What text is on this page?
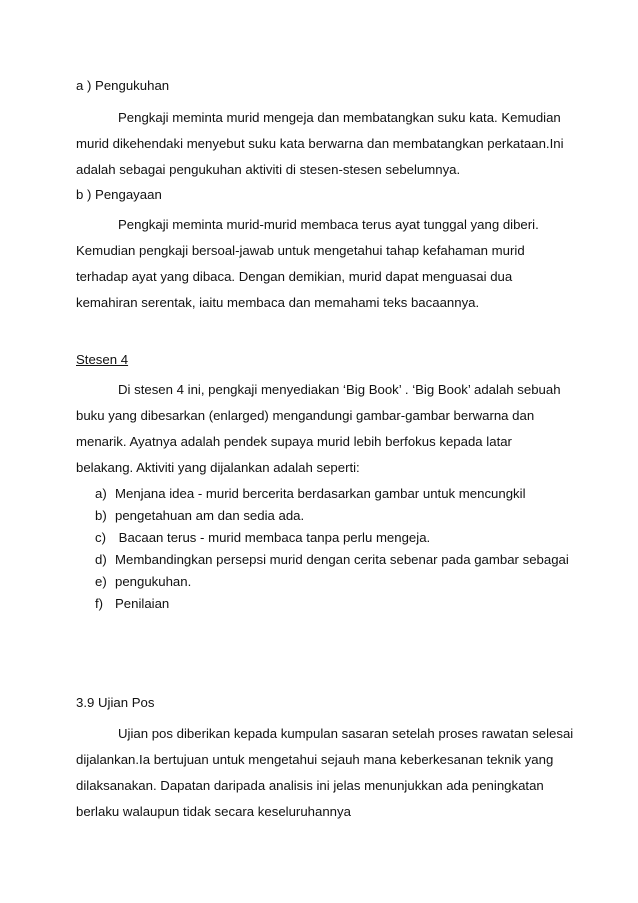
a ) Pengukuhan
Pengkaji meminta murid mengeja dan membatangkan suku kata. Kemudian
murid dikehendaki menyebut suku kata berwarna dan membatangkan perkataan.Ini
adalah sebagai pengukuhan aktiviti di stesen-stesen sebelumnya.
b ) Pengayaan
Pengkaji meminta murid-murid membaca terus ayat tunggal yang diberi.
Kemudian pengkaji bersoal-jawab untuk mengetahui tahap kefahaman murid
terhadap ayat yang dibaca. Dengan demikian, murid dapat menguasai dua
kemahiran serentak, iaitu membaca dan memahami teks bacaannya.
Stesen 4
Di stesen 4 ini, pengkaji menyediakan ‘Big Book’ . ‘Big Book’ adalah sebuah
buku yang dibesarkan (enlarged) mengandungi gambar-gambar berwarna dan
menarik. Ayatnya adalah pendek supaya murid lebih berfokus kepada latar
belakang. Aktiviti yang dijalankan adalah seperti:
a) Menjana idea - murid bercerita berdasarkan gambar untuk mencungkil
b) pengetahuan am dan sedia ada.
c) Bacaan terus - murid membaca tanpa perlu mengeja.
d) Membandingkan persepsi murid dengan cerita sebenar pada gambar sebagai
e) pengukuhan.
f) Penilaian
3.9 Ujian Pos
Ujian pos diberikan kepada kumpulan sasaran setelah proses rawatan selesai
dijalankan.Ia bertujuan untuk mengetahui sejauh mana keberkesanan teknik yang
dilaksanakan. Dapatan daripada analisis ini jelas menunjukkan ada peningkatan
berlaku walaupun tidak secara keseluruhannya
